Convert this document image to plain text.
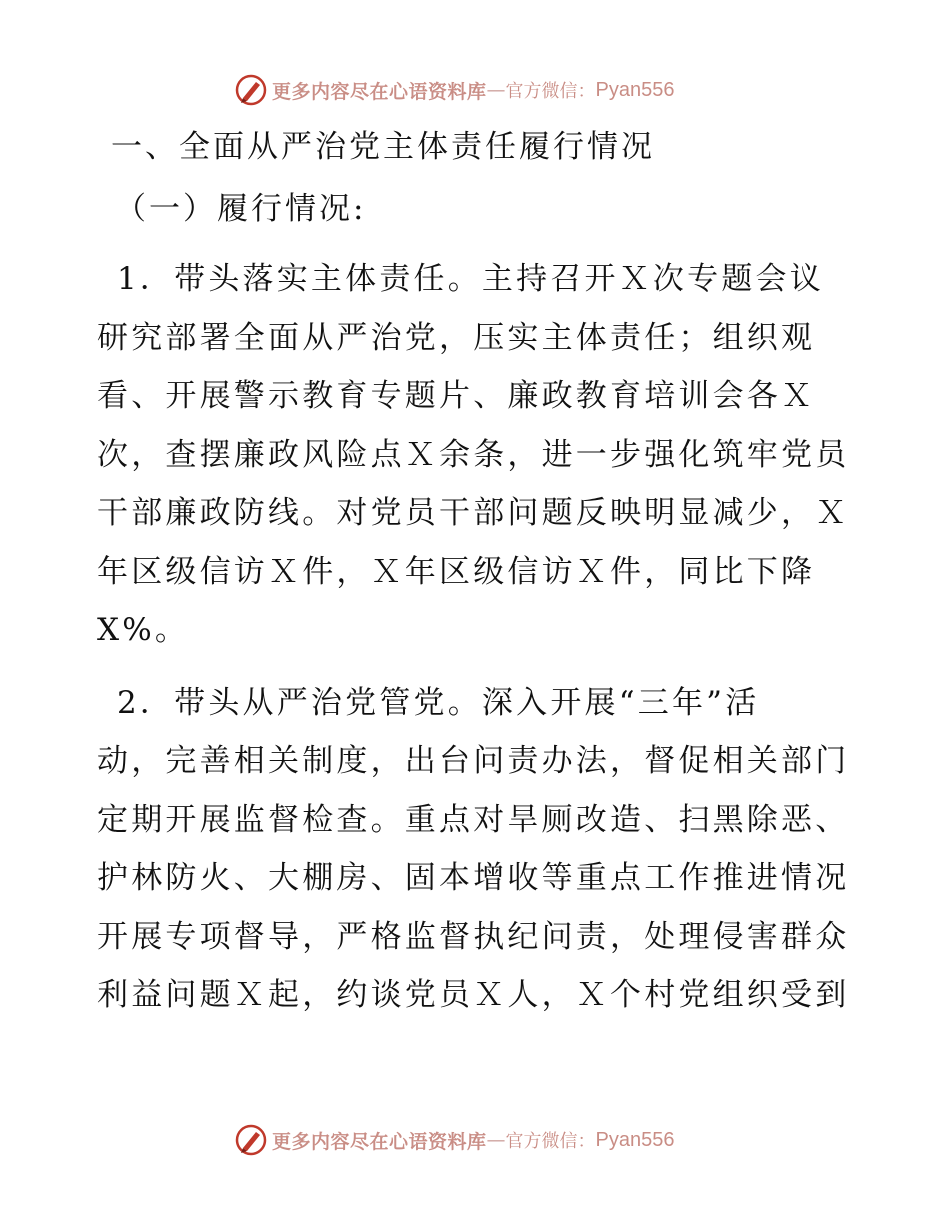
更多内容尽在心语资料库 — 官方微信： Pyan556
一、全面从严治党主体责任履行情况
（一）履行情况:
1．带头落实主体责任。主持召开Ｘ次专题会议
研究部署全面从严治党，压实主体责任；组织观
看、开展警示教育专题片、廉政教育培训会各Ｘ
次，查摆廉政风险点Ｘ余条，进一步强化筑牢党员
干部廉政防线。对党员干部问题反映明显减少，Ｘ
年区级信访Ｘ件，Ｘ年区级信访Ｘ件，同比下降
X%。
2．带头从严治党管党。深入开展“三年”活
动，完善相关制度，出台问责办法，督促相关部门
定期开展监督检查。重点对旱厕改造、扫黑除恶、
护林防火、大棚房、固本增收等重点工作推进情况
开展专项督导，严格监督执纪问责，处理侵害群众
利益问题Ｘ起，约谈党员Ｘ人，Ｘ个村党组织受到
更多内容尽在心语资料库 — 官方微信： Pyan556
